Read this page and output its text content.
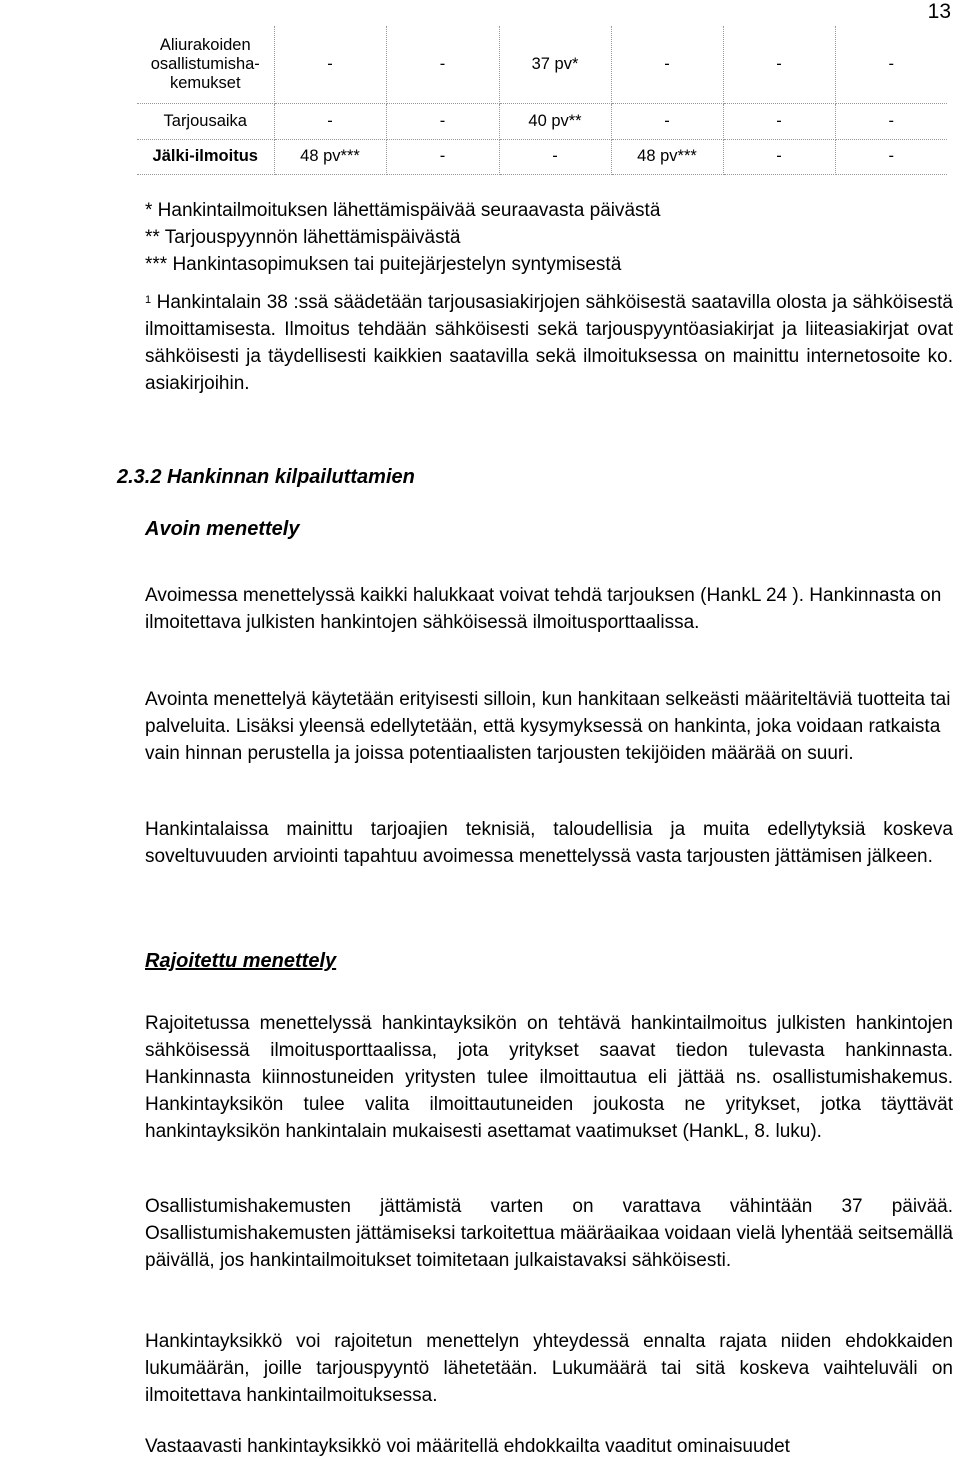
13
Aliurakoiden
osallistumisha-
kemukset	-	-	37 pv*	-	-	-
Tarjousaika	-	-	40 pv**	-	-	-
Jälki-ilmoitus	48 pv***	-	-	48 pv***	-	-

* Hankintailmoituksen lähettämispäivää seuraavasta päivästä

** Tarjouspyynnön lähettämispäivästä

*** Hankintasopimuksen tai puitejärjestelyn syntymisestä

$^1$ Hankintalain 38 :ssä säädetään tarjousasiakirjojen sähköisestä saatavilla olosta ja sähköisestä ilmoittamisesta. Ilmoitus tehdään sähköisesti sekä tarjouspyyntöasiakirjat ja liiteasiakirjat ovat sähköisesti ja täydellisesti kaikkien saatavilla sekä ilmoituksessa on mainittu internetosoite ko. asiakirjoihin.

2.3.2 Hankinnan kilpailuttamien
Avoin menettely
Avoimessa menettelyssä kaikki halukkaat voivat tehdä tarjouksen (HankL 24 ). Hankinnasta on ilmoitettava julkisten hankintojen sähköisessä ilmoitusporttaalissa.
Avointa menettelyä käytetään erityisesti silloin, kun hankitaan selkeästi määriteltäviä tuotteita tai palveluita. Lisäksi yleensä edellytetään, että kysymyksessä on hankinta, joka voidaan ratkaista vain hinnan perustella ja joissa potentiaalisten tarjousten tekijöiden määrää on suuri.
Hankintalaissa mainittu tarjoajien teknisiä, taloudellisia ja muita edellytyksiä koskeva soveltuvuuden arviointi tapahtuu avoimessa menettelyssä vasta tarjousten jättämisen jälkeen.
Rajoitettu menettely
Rajoitetussa menettelyssä hankintayksikön on tehtävä hankintailmoitus julkisten hankintojen sähköisessä ilmoitusporttaalissa, jota yritykset saavat tiedon tulevasta hankinnasta. Hankinnasta kiinnostuneiden yritysten tulee ilmoittautua eli jättää ns. osallistumishakemus. Hankintayksikön tulee valita ilmoittautuneiden joukosta ne yritykset, jotka täyttävät hankintayksikön hankintalain mukaisesti asettamat vaatimukset (HankL, 8. luku).
Osallistumishakemusten jättämistä varten on varattava vähintään 37 päivää. Osallistumishakemusten jättämiseksi tarkoitettua määräaikaa voidaan vielä lyhentää seitsemällä päivällä, jos hankintailmoitukset toimitetaan julkaistavaksi sähköisesti.
Hankintayksikkö voi rajoitetun menettelyn yhteydessä ennalta rajata niiden ehdokkaiden lukumäärän, joille tarjouspyyntö lähetetään. Lukumäärä tai sitä koskeva vaihteluväli on ilmoitettava hankintailmoituksessa.
Vastaavasti hankintayksikkö voi määritellä ehdokkailta vaaditut ominaisuudet
